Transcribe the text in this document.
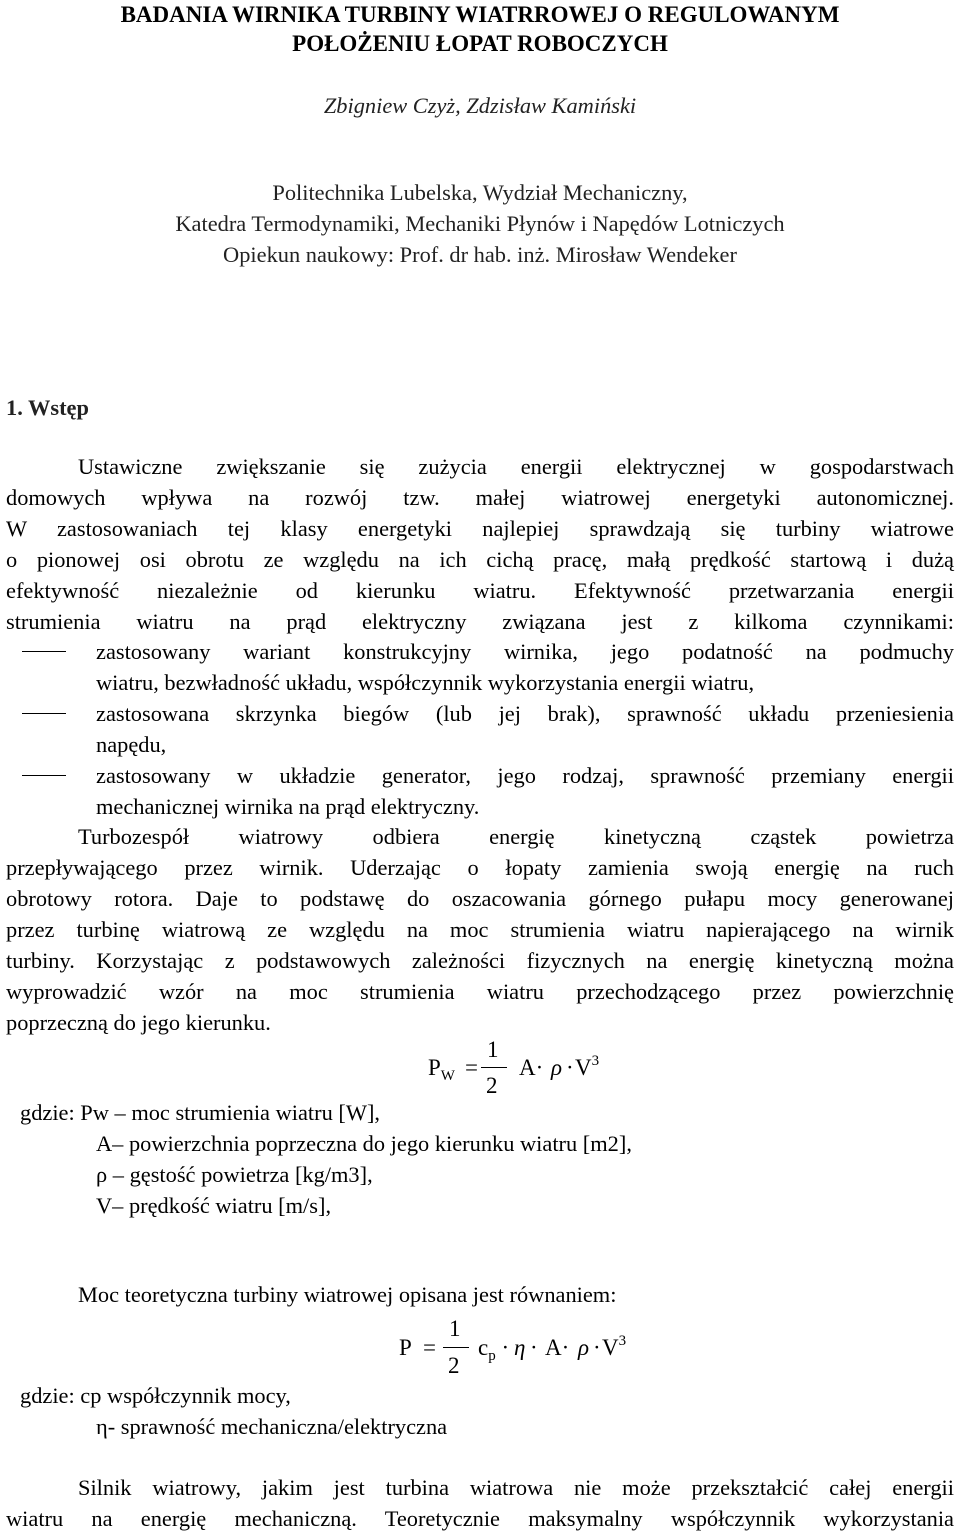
BADANIA WIRNIKA TURBINY WIATRROWEJ O REGULOWANYM
POŁOŻENIU ŁOPAT ROBOCZYCH
Zbigniew Czyż, Zdzisław Kamiński
Politechnika Lubelska, Wydział Mechaniczny,
Katedra Termodynamiki, Mechaniki Płynów i Napędów Lotniczych
Opiekun naukowy: Prof. dr hab. inż. Mirosław Wendeker
1. Wstęp
Ustawiczne zwiększanie się zużycia energii elektrycznej w gospodarstwach
domowych wpływa na rozwój tzw. małej wiatrowej energetyki autonomicznej.
W zastosowaniach tej klasy energetyki najlepiej sprawdzają się turbiny wiatrowe
o pionowej osi obrotu ze względu na ich cichą pracę, małą prędkość startową i dużą
efektywność niezależnie od kierunku wiatru. Efektywność przetwarzania energii
strumienia wiatru na prąd elektryczny związana jest z kilkoma czynnikami:
zastosowany wariant konstrukcyjny wirnika, jego podatność na podmuchy
wiatru, bezwładność układu, współczynnik wykorzystania energii wiatru,
zastosowana skrzynka biegów (lub jej brak), sprawność układu przeniesienia
napędu,
zastosowany w układzie generator, jego rodzaj, sprawność przemiany energii
mechanicznej wirnika na prąd elektryczny.
Turbozespół wiatrowy odbiera energię kinetyczną cząstek powietrza
przepływającego przez wirnik. Uderzając o łopaty zamienia swoją energię na ruch
obrotowy rotora. Daje to podstawę do oszacowania górnego pułapu mocy generowanej
przez turbinę wiatrową ze względu na moc strumienia wiatru napierającego na wirnik
turbiny. Korzystając z podstawowych zależności fizycznych na energię kinetyczną można
wyprowadzić wzór na moc strumienia wiatru przechodzącego przez powierzchnię
poprzeczną do jego kierunku.
$P_W$ =
1
2
$A\cdot \rho \cdot V^3$
gdzie: Pw – moc strumienia wiatru [W],
A– powierzchnia poprzeczna do jego kierunku wiatru [m2],
ρ – gęstość powietrza [kg/m3],
V– prędkość wiatru [m/s],
Moc teoretyczna turbiny wiatrowej opisana jest równaniem:
P =
1
2
$c_p \cdot \eta \cdot A\cdot \rho \cdot V^3$
gdzie: cp współczynnik mocy,
η- sprawność mechaniczna/elektryczna
Silnik wiatrowy, jakim jest turbina wiatrowa nie może przekształcić całej energii
wiatru na energię mechaniczną. Teoretycznie maksymalny współczynnik wykorzystania
